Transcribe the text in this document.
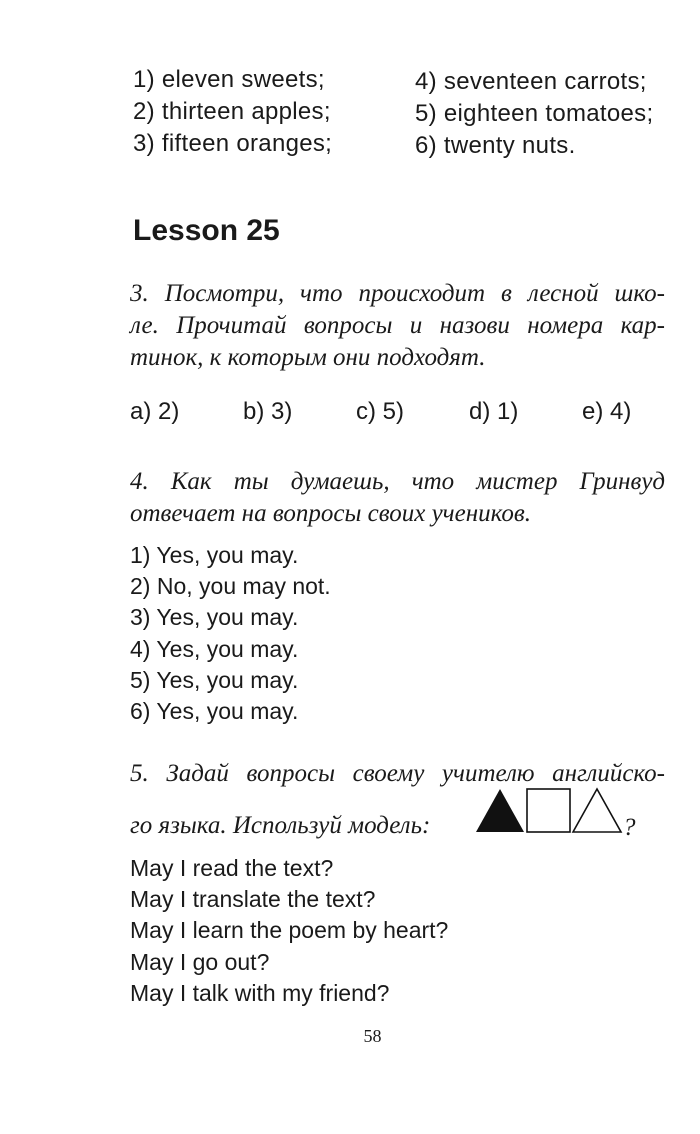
1) eleven sweets;
2) thirteen apples;
3) fifteen oranges;
4) seventeen carrots;
5) eighteen tomatoes;
6) twenty nuts.
Lesson 25
3. Посмотри, что происходит в лесной шко-
ле. Прочитай вопросы и назови номера кар-
тинок, к которым они подходят.
a) 2)	b) 3)	c) 5)	d) 1)	e) 4)
4. Как ты думаешь, что мистер Гринвуд
отвечает на вопросы своих учеников.
1) Yes, you may.
2) No, you may not.
3) Yes, you may.
4) Yes, you may.
5) Yes, you may.
6) Yes, you may.
5. Задай вопросы своему учителю английско-
го языка. Используй модель:	?
May I read the text?
May I translate the text?
May I learn the poem by heart?
May I go out?
May I talk with my friend?
58
